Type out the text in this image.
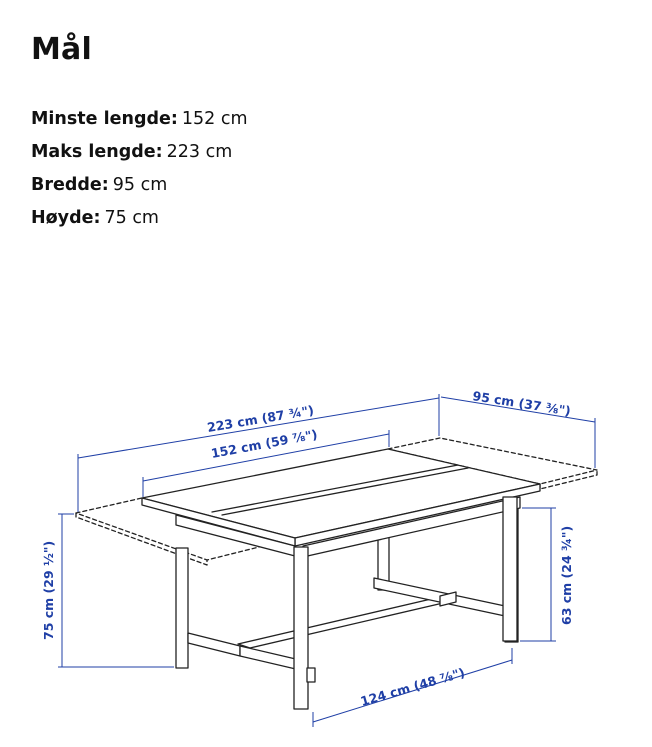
Mål
Minste lengde: 152 cm
Maks lengde: 223 cm
Bredde: 95 cm
Høyde: 75 cm
223 cm (87 ¾")
152 cm (59 ⅞")
95 cm (37 ⅜")
75 cm (29 ½")	63 cm (24 ¾")
124 cm (48 ⅞")
